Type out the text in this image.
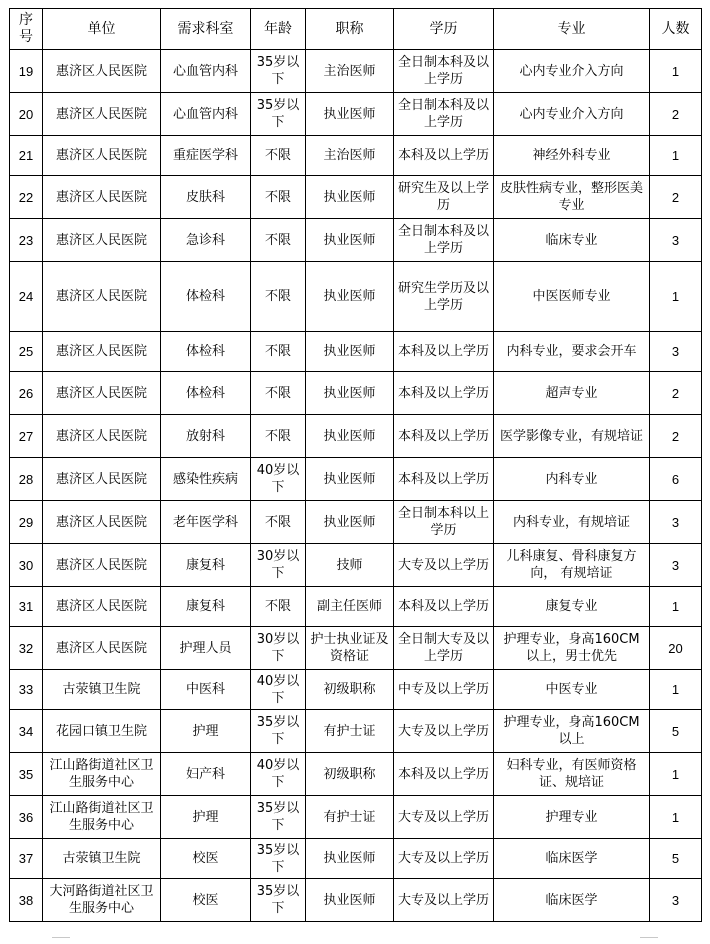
序号	单位	需求科室	年龄	职称	学历	专业	人数
19	惠济区人民医院	心血管内科	35岁以下	主治医师	全日制本科及以上学历	心内专业介入方向	1
20	惠济区人民医院	心血管内科	35岁以下	执业医师	全日制本科及以上学历	心内专业介入方向	2
21	惠济区人民医院	重症医学科	不限	主治医师	本科及以上学历	神经外科专业	1
22	惠济区人民医院	皮肤科	不限	执业医师	研究生及以上学历	皮肤性病专业，整形医美专业	2
23	惠济区人民医院	急诊科	不限	执业医师	全日制本科及以上学历	临床专业	3
24	惠济区人民医院	体检科	不限	执业医师	研究生学历及以上学历	中医医师专业	1
25	惠济区人民医院	体检科	不限	执业医师	本科及以上学历	内科专业，要求会开车	3
26	惠济区人民医院	体检科	不限	执业医师	本科及以上学历	超声专业	2
27	惠济区人民医院	放射科	不限	执业医师	本科及以上学历	医学影像专业，有规培证	2
28	惠济区人民医院	感染性疾病	40岁以下	执业医师	本科及以上学历	内科专业	6
29	惠济区人民医院	老年医学科	不限	执业医师	全日制本科以上学历	内科专业，有规培证	3
30	惠济区人民医院	康复科	30岁以下	技师	大专及以上学历	儿科康复、骨科康复方向， 有规培证	3
31	惠济区人民医院	康复科	不限	副主任医师	本科及以上学历	康复专业	1
32	惠济区人民医院	护理人员	30岁以下	护士执业证及资格证	全日制大专及以上学历	护理专业，身高160CM以上，男士优先	20
33	古荥镇卫生院	中医科	40岁以下	初级职称	中专及以上学历	中医专业	1
34	花园口镇卫生院	护理	35岁以下	有护士证	大专及以上学历	护理专业，身高160CM以上	5
35	江山路街道社区卫生服务中心	妇产科	40岁以下	初级职称	本科及以上学历	妇科专业，有医师资格证、规培证	1
36	江山路街道社区卫生服务中心	护理	35岁以下	有护士证	大专及以上学历	护理专业	1
37	古荥镇卫生院	校医	35岁以下	执业医师	大专及以上学历	临床医学	5
38	大河路街道社区卫生服务中心	校医	35岁以下	执业医师	大专及以上学历	临床医学	3
